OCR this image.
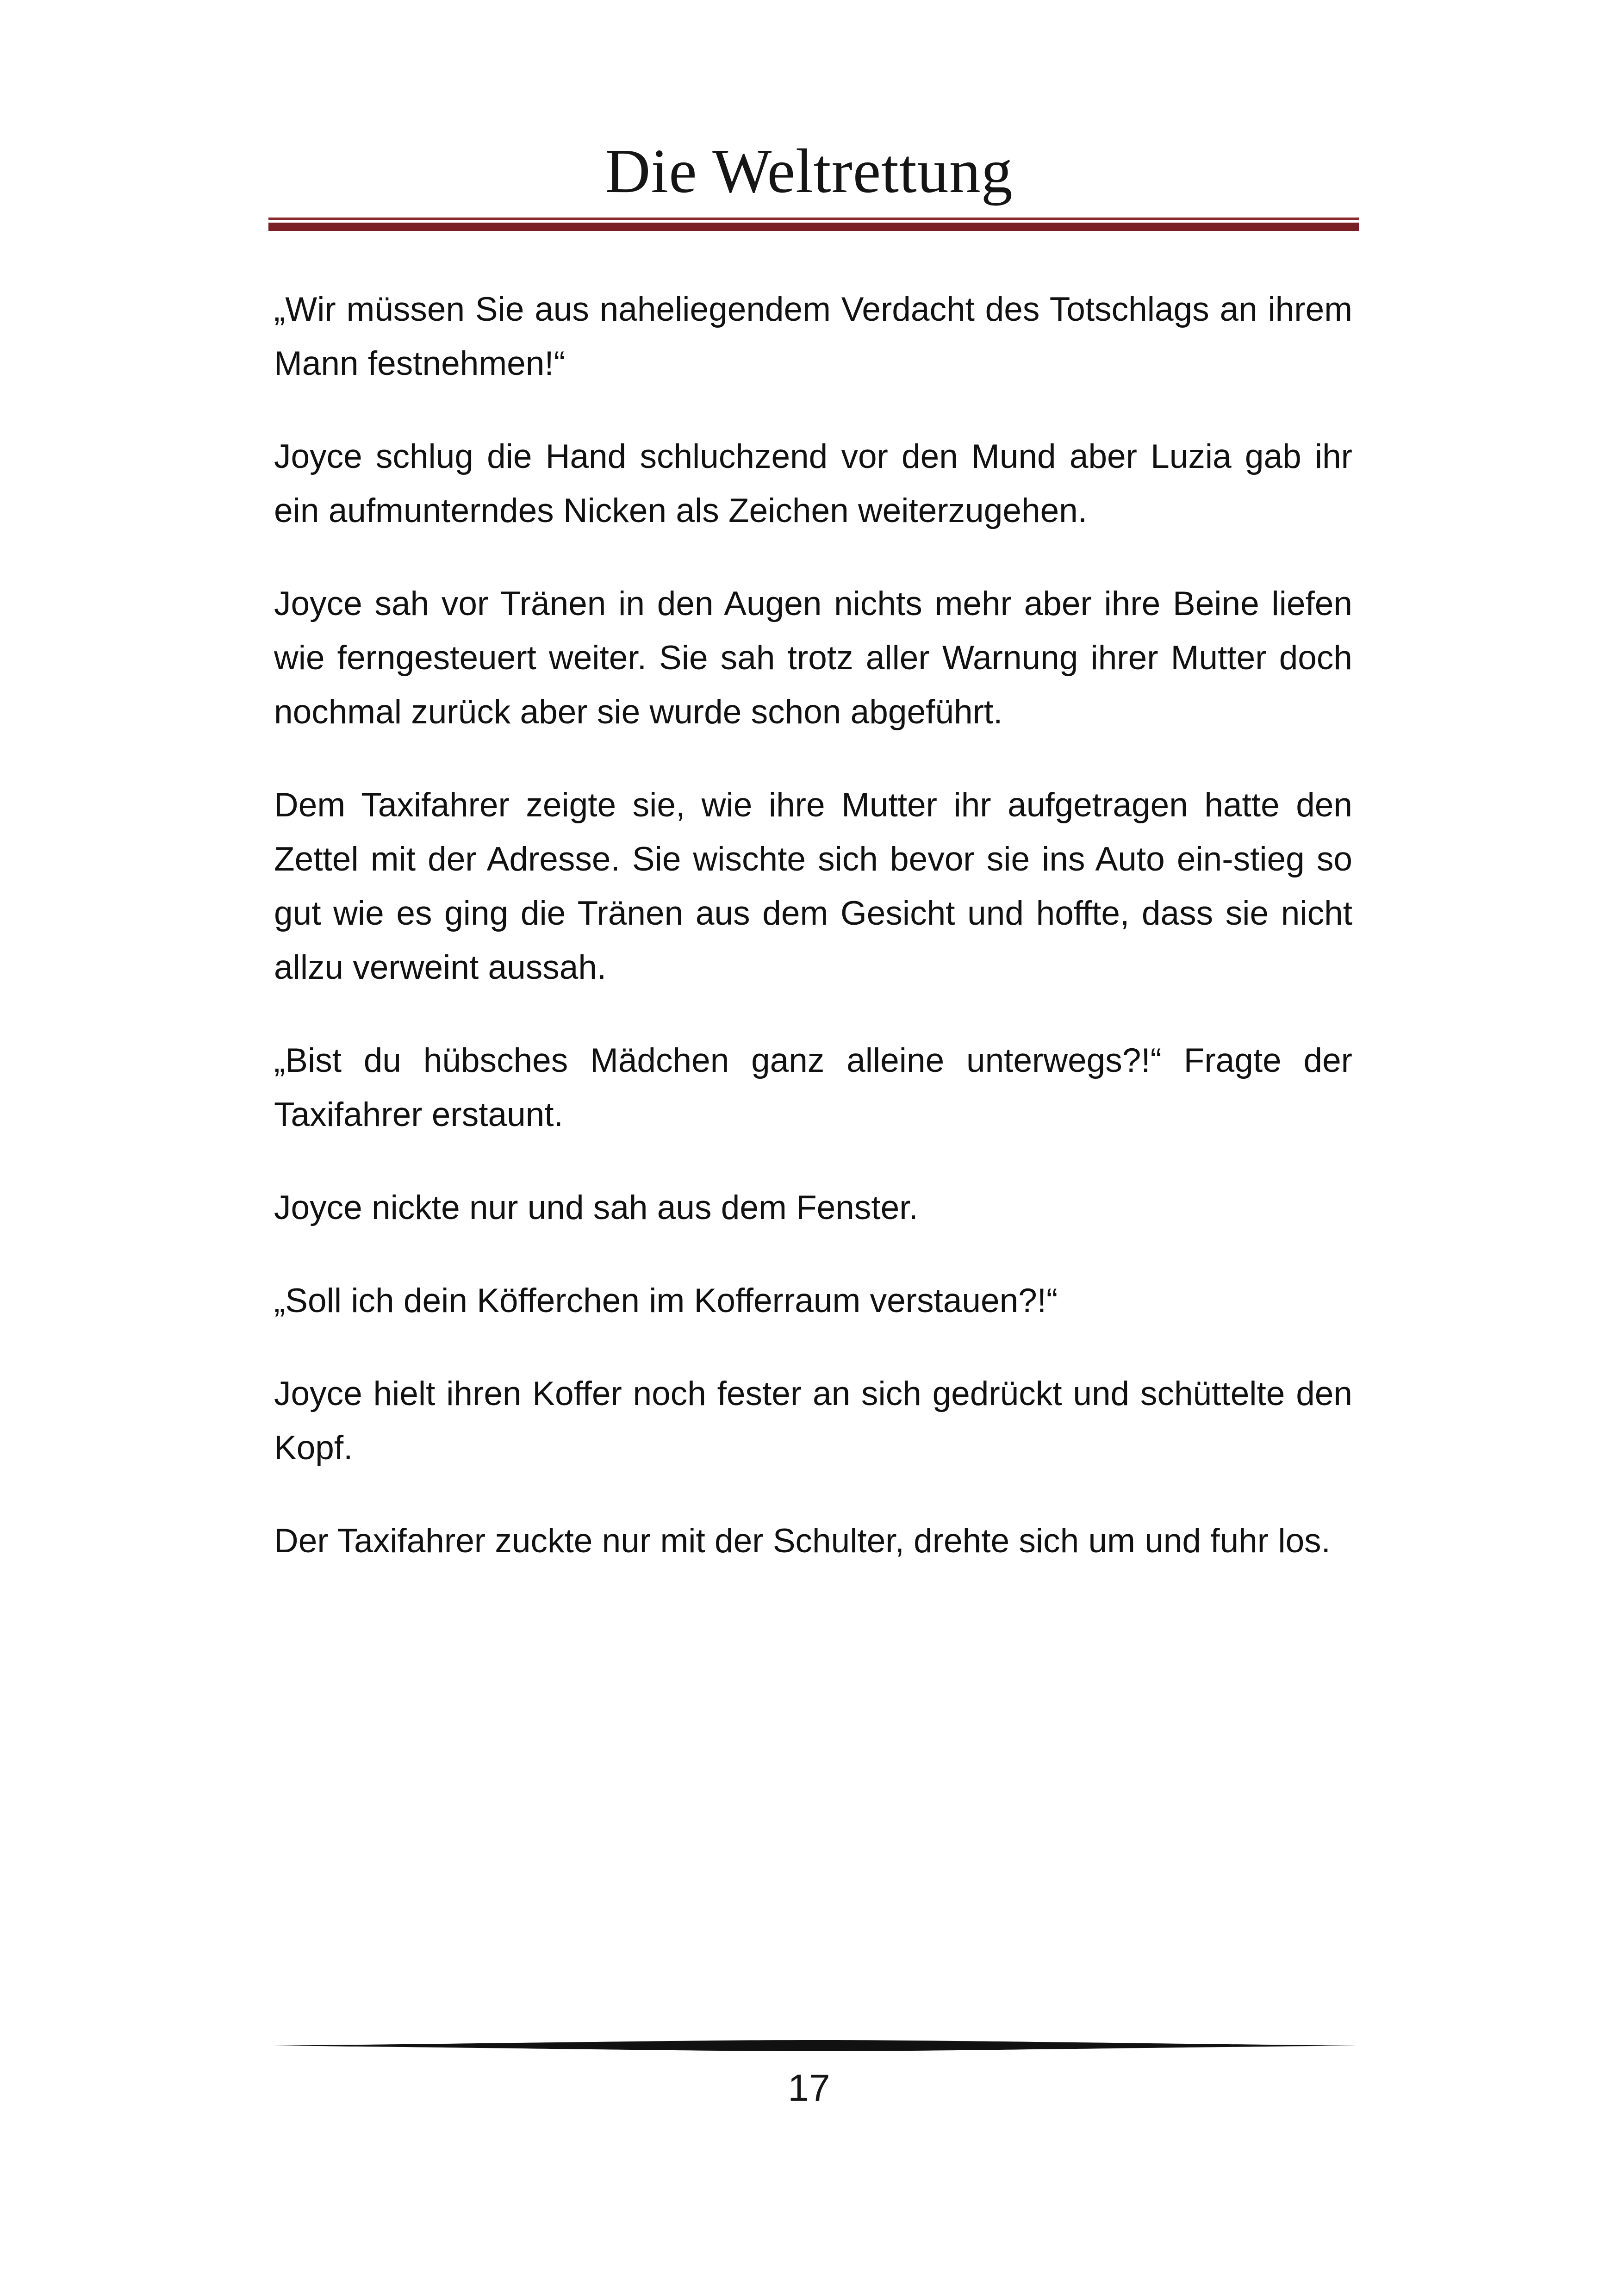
Die Weltrettung

„Wir müssen Sie aus naheliegendem Verdacht des Totschlags an ihrem Mann festnehmen!“

Joyce schlug die Hand schluchzend vor den Mund aber Luzia gab ihr ein aufmunterndes Nicken als Zeichen weiterzugehen.

Joyce sah vor Tränen in den Augen nichts mehr aber ihre Beine liefen wie ferngesteuert weiter. Sie sah trotz aller Warnung ihrer Mutter doch nochmal zurück aber sie wurde schon abgeführt.

Dem Taxifahrer zeigte sie, wie ihre Mutter ihr aufgetragen hatte den Zettel mit der Adresse. Sie wischte sich bevor sie ins Auto ein-stieg so gut wie es ging die Tränen aus dem Gesicht und hoffte, dass sie nicht allzu verweint aussah.

„Bist du hübsches Mädchen ganz alleine unterwegs?!“ Fragte der Taxifahrer erstaunt.

Joyce nickte nur und sah aus dem Fenster.

„Soll ich dein Köfferchen im Kofferraum verstauen?!“

Joyce hielt ihren Koffer noch fester an sich gedrückt und schüttelte den Kopf.

Der Taxifahrer zuckte nur mit der Schulter, drehte sich um und fuhr los.

17
